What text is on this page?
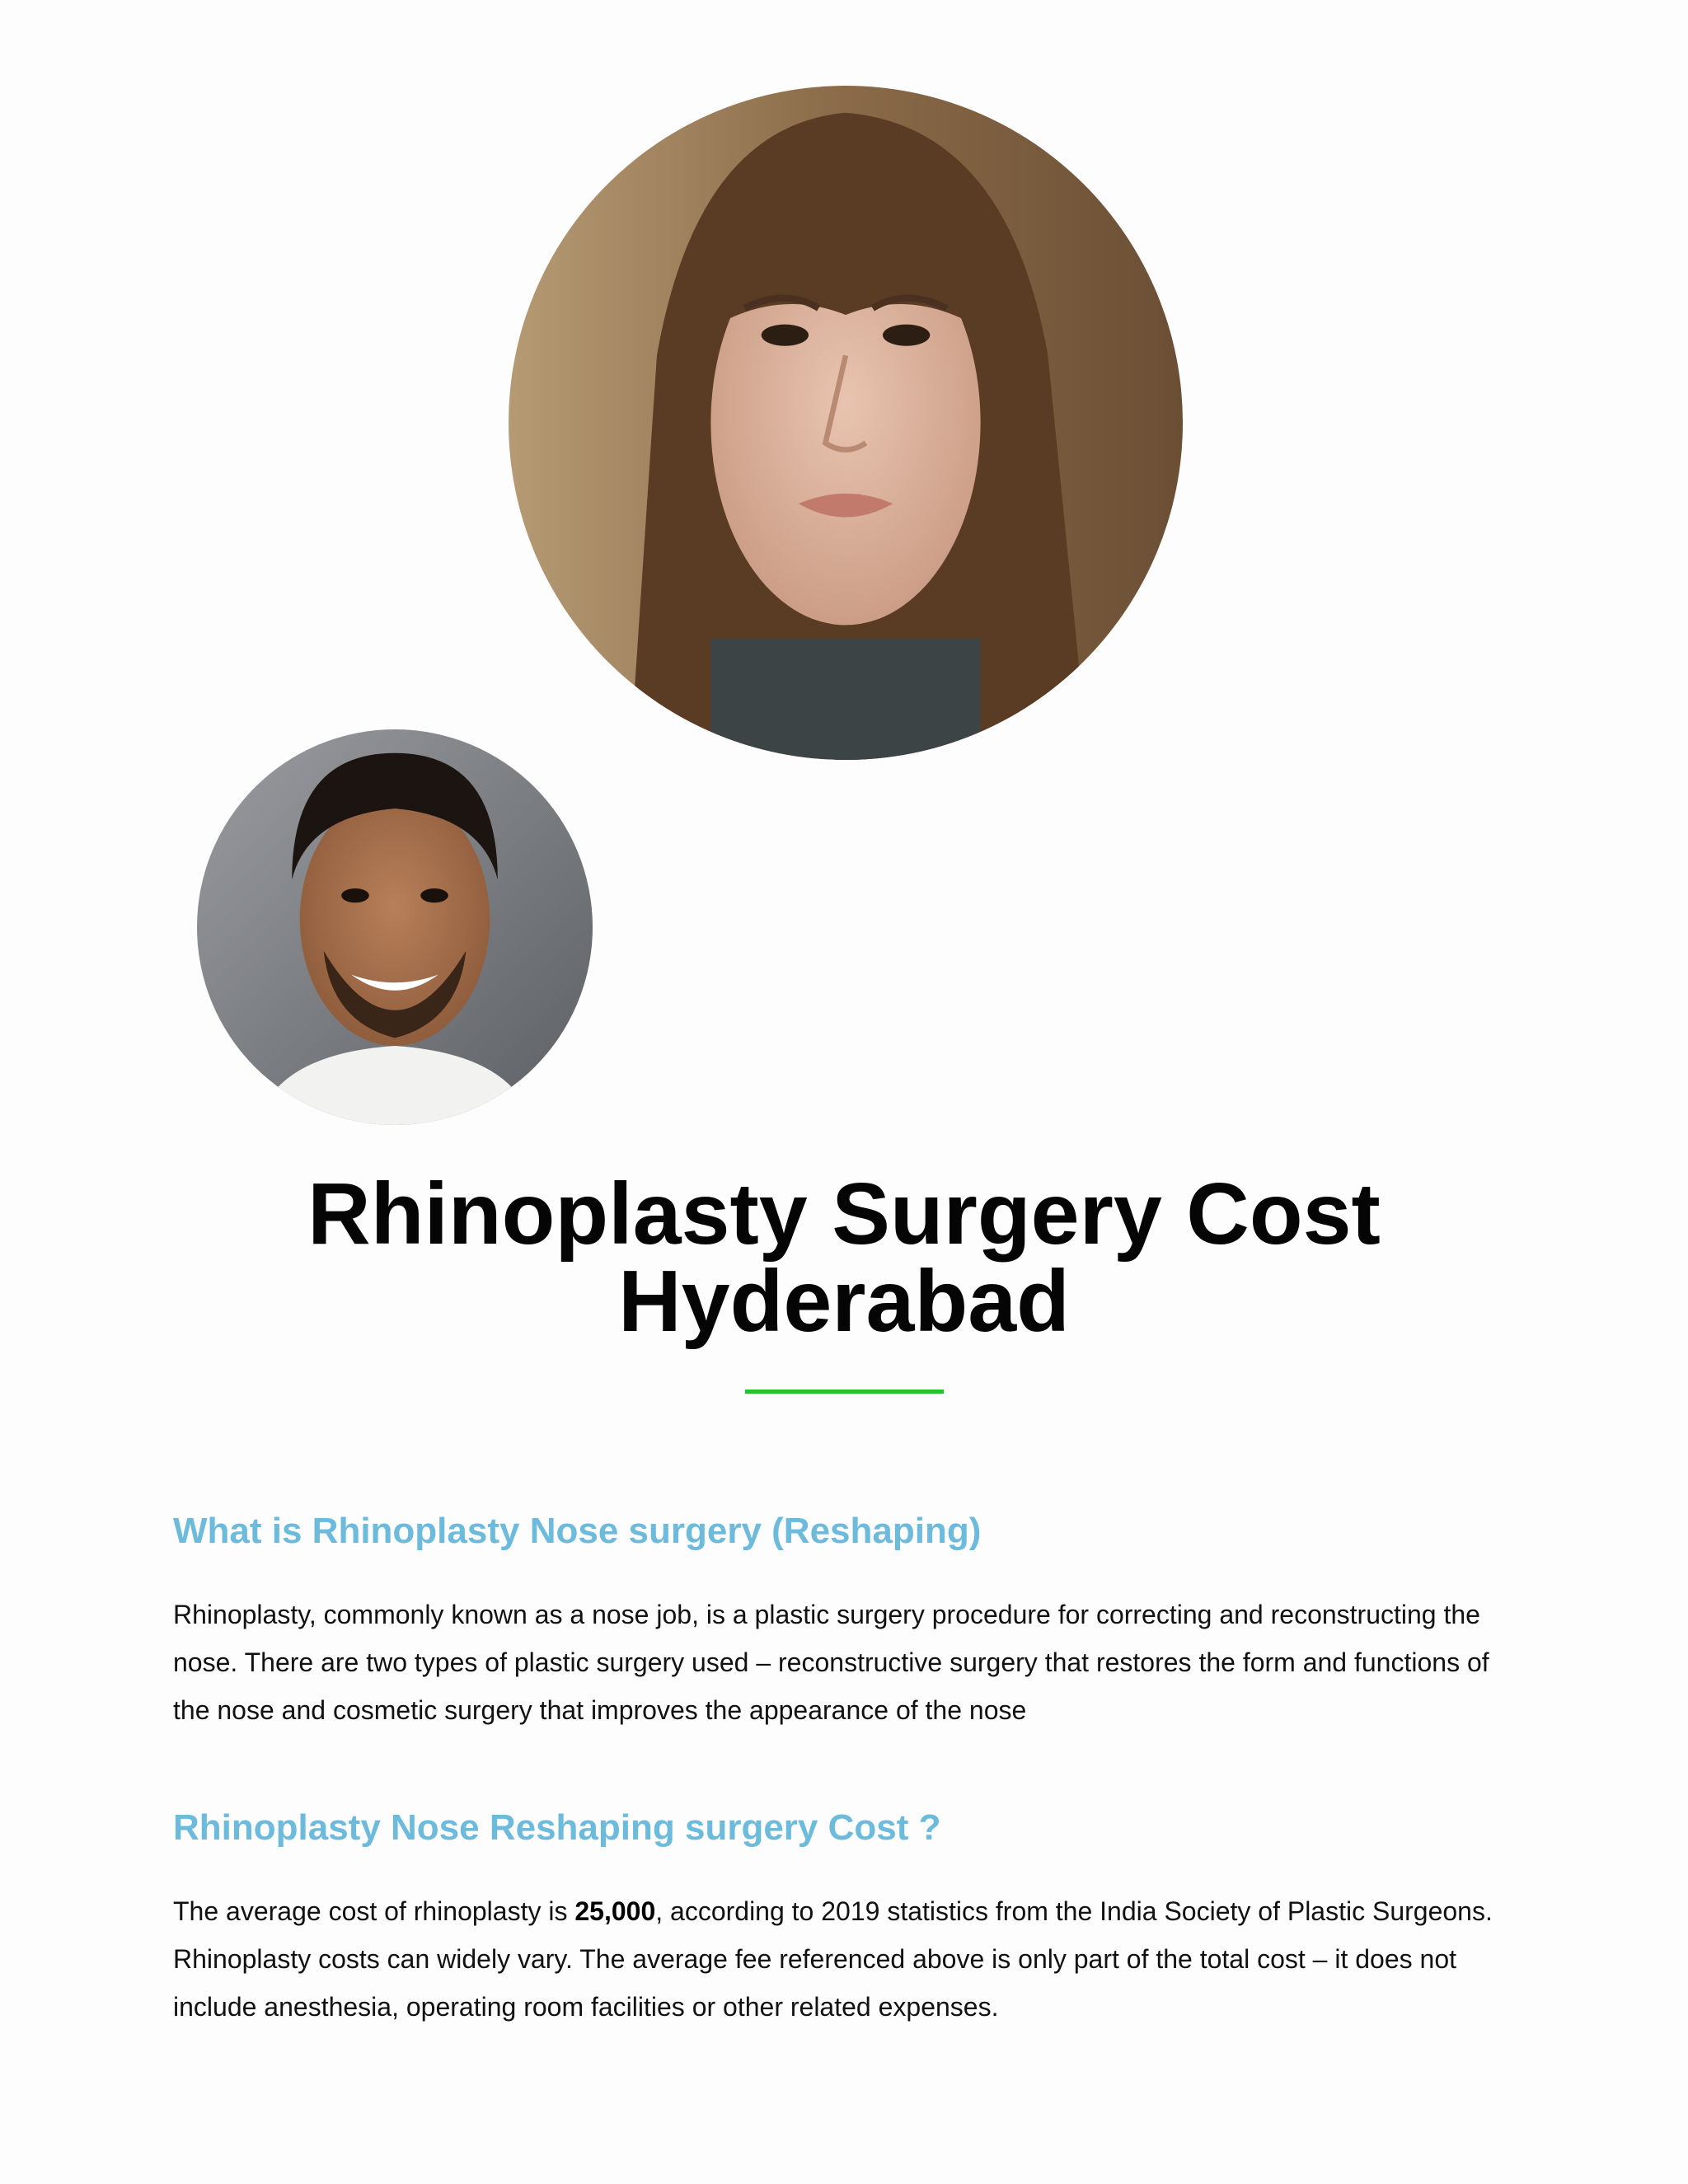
Rhinoplasty Surgery Cost
Hyderabad
What is Rhinoplasty Nose surgery (Reshaping)

Rhinoplasty, commonly known as a nose job, is a plastic surgery procedure for correcting and reconstructing the nose. There are two types of plastic surgery used – reconstructive surgery that restores the form and functions of the nose and cosmetic surgery that improves the appearance of the nose

Rhinoplasty Nose Reshaping surgery Cost ?

The average cost of rhinoplasty is 25,000, according to 2019 statistics from the India Society of Plastic Surgeons. Rhinoplasty costs can widely vary. The average fee referenced above is only part of the total cost – it does not include anesthesia, operating room facilities or other related expenses.
